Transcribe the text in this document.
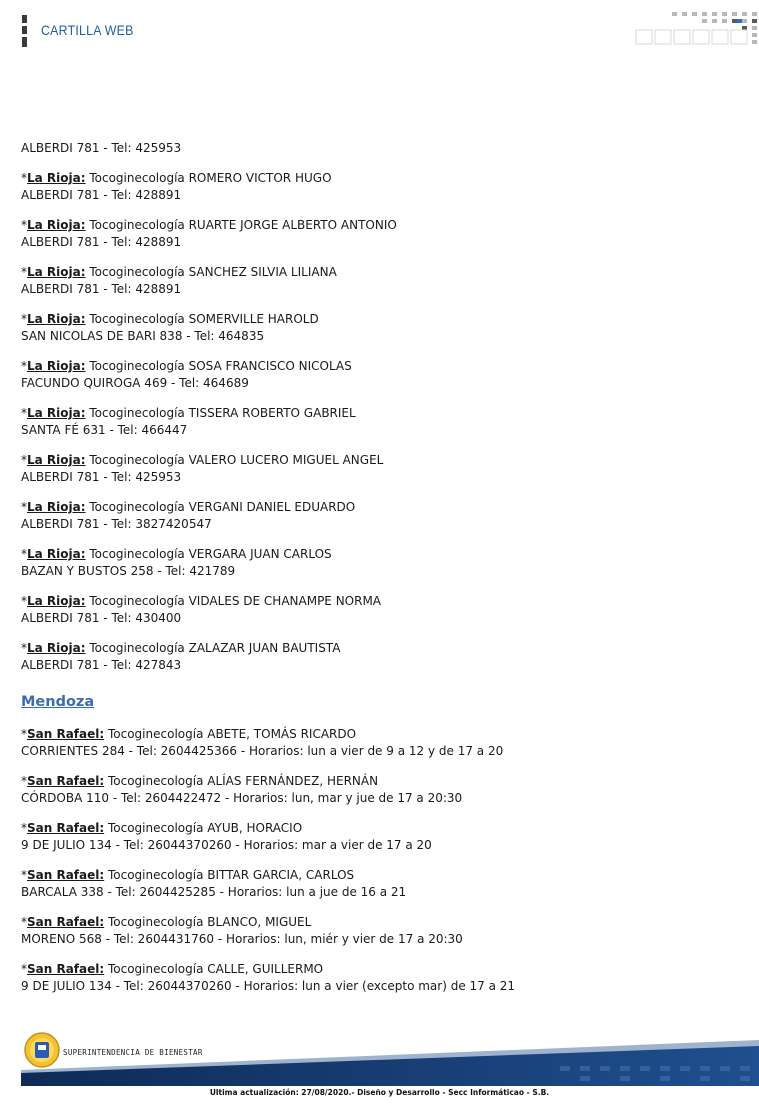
CARTILLA WEB
ALBERDI 781 - Tel: 425953
*La Rioja: Tocoginecología ROMERO VICTOR HUGO
ALBERDI 781 - Tel: 428891
*La Rioja: Tocoginecología RUARTE JORGE ALBERTO ANTONIO
ALBERDI 781 - Tel: 428891
*La Rioja: Tocoginecología SANCHEZ SILVIA LILIANA
ALBERDI 781 - Tel: 428891
*La Rioja: Tocoginecología SOMERVILLE HAROLD
SAN NICOLAS DE BARI 838 - Tel: 464835
*La Rioja: Tocoginecología SOSA FRANCISCO NICOLAS
FACUNDO QUIROGA 469 - Tel: 464689
*La Rioja: Tocoginecología TISSERA ROBERTO GABRIEL
SANTA FÉ 631 - Tel: 466447
*La Rioja: Tocoginecología VALERO LUCERO MIGUEL ANGEL
ALBERDI 781 - Tel: 425953
*La Rioja: Tocoginecología VERGANI DANIEL EDUARDO
ALBERDI 781 - Tel: 3827420547
*La Rioja: Tocoginecología VERGARA JUAN CARLOS
BAZAN Y BUSTOS 258 - Tel: 421789
*La Rioja: Tocoginecología VIDALES DE CHANAMPE NORMA
ALBERDI 781 - Tel: 430400
*La Rioja: Tocoginecología ZALAZAR JUAN BAUTISTA
ALBERDI 781 - Tel: 427843
Mendoza
*San Rafael: Tocoginecología ABETE, TOMÁS RICARDO
CORRIENTES 284 - Tel: 2604425366 - Horarios: lun a vier de 9 a 12 y de 17 a 20
*San Rafael: Tocoginecología ALÍAS FERNÁNDEZ, HERNÁN
CÓRDOBA 110 - Tel: 2604422472 - Horarios: lun, mar y jue de 17 a 20:30
*San Rafael: Tocoginecología AYUB, HORACIO
9 DE JULIO 134 - Tel: 26044370260 - Horarios: mar a vier de 17 a 20
*San Rafael: Tocoginecología BITTAR GARCIA, CARLOS
BARCALA 338 - Tel: 2604425285 - Horarios: lun a jue de 16 a 21
*San Rafael: Tocoginecología BLANCO, MIGUEL
MORENO 568 - Tel: 2604431760 - Horarios: lun, miér y vier de 17 a 20:30
*San Rafael: Tocoginecología CALLE, GUILLERMO
9 DE JULIO 134 - Tel: 26044370260 - Horarios: lun a vier (excepto mar) de 17 a 21
SUPERINTENDENCIA DE BIENESTAR
Ultima actualización: 27/08/2020.- Diseño y Desarrollo - Secc Informáticao - S.B.
